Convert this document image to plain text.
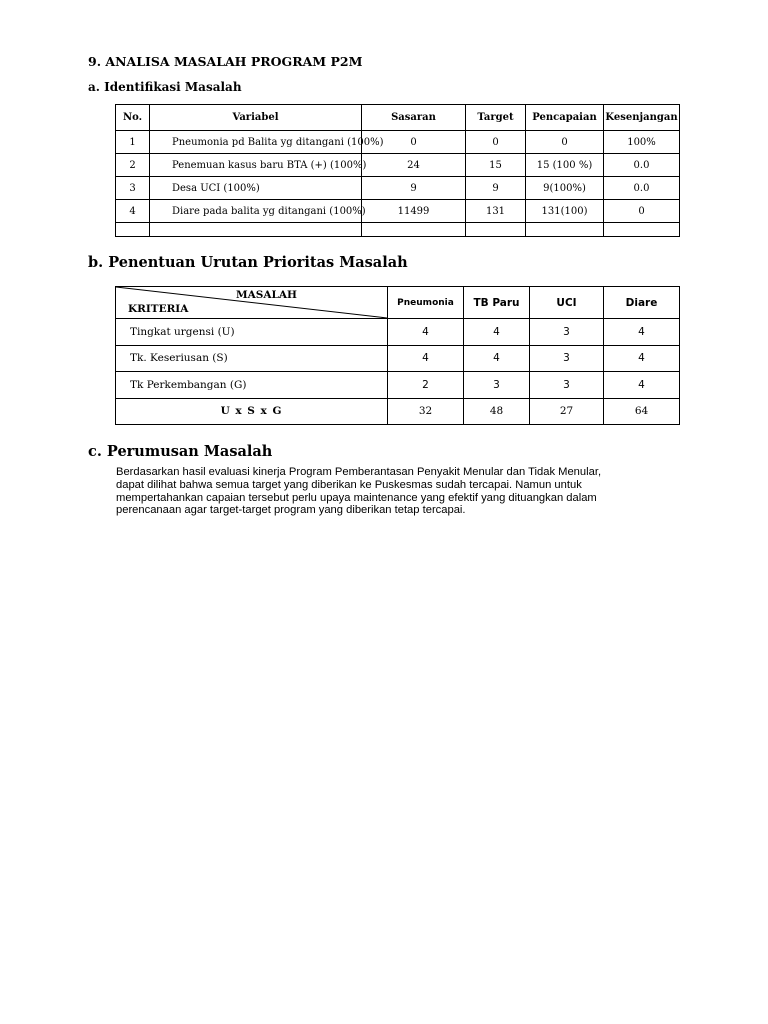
9. ANALISA MASALAH PROGRAM P2M
a. Identifikasi Masalah
No.	Variabel	Sasaran	Target	Pencapaian	Kesenjangan
1	Pneumonia pd Balita yg ditangani (100%)	0	0	0	100%
2	Penemuan kasus baru BTA (+) (100%)	24	15	15 (100 %)	0.0
3	Desa UCI (100%)	9	9	9(100%)	0.0
4	Diare pada balita yg ditangani (100%)	11499	131	131(100)	0

b. Penentuan Urutan Prioritas Masalah
MASALAH
KRITERIA	Pneumonia	TB Paru	UCI	Diare
Tingkat urgensi (U)	4	4	3	4
Tk. Keseriusan (S)	4	4	3	4
Tk Perkembangan (G)	2	3	3	4
U x S x G	32	48	27	64
c. Perumusan Masalah
Berdasarkan hasil evaluasi kinerja Program Pemberantasan Penyakit Menular dan Tidak Menular,
dapat dilihat bahwa semua target yang diberikan ke Puskesmas sudah tercapai. Namun untuk
mempertahankan capaian tersebut perlu upaya maintenance yang efektif yang dituangkan dalam
perencanaan agar target-target program yang diberikan tetap tercapai.
